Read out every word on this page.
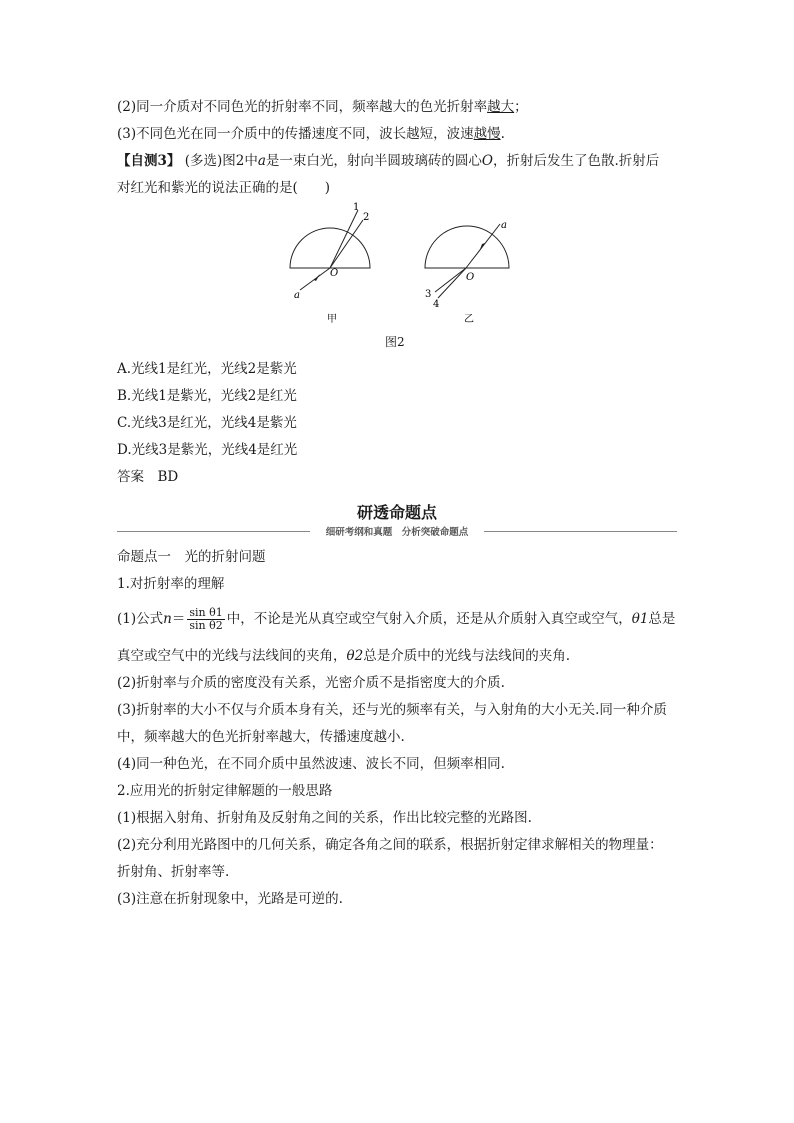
(2)同一介质对不同色光的折射率不同，频率越大的色光折射率越大；
(3)不同色光在同一介质中的传播速度不同，波长越短，波速越慢.
【自测3】 (多选)图2中a是一束白光，射向半圆玻璃砖的圆心O，折射后发生了色散.折射后
对红光和紫光的说法正确的是(　　)
1
2
O
a
a
O
3
4
甲	乙
图2
A.光线1是红光，光线2是紫光
B.光线1是紫光，光线2是红光
C.光线3是红光，光线4是紫光
D.光线3是紫光，光线4是红光
答案　BD
研透命题点
细研考纲和真题　分析突破命题点
命题点一　光的折射问题
1.对折射率的理解
(1)公式$n= \frac{\text{sin θ1}}{\text{sin θ2}}$ 中，不论是光从真空或空气射入介质，还是从介质射入真空或空气，θ1总是
真空或空气中的光线与法线间的夹角，θ2总是介质中的光线与法线间的夹角.
(2)折射率与介质的密度没有关系，光密介质不是指密度大的介质.
(3)折射率的大小不仅与介质本身有关，还与光的频率有关，与入射角的大小无关.同一种介质
中，频率越大的色光折射率越大，传播速度越小.
(4)同一种色光，在不同介质中虽然波速、波长不同，但频率相同.
2.应用光的折射定律解题的一般思路
(1)根据入射角、折射角及反射角之间的关系，作出比较完整的光路图.
(2)充分利用光路图中的几何关系，确定各角之间的联系，根据折射定律求解相关的物理量：
折射角、折射率等.
(3)注意在折射现象中，光路是可逆的.
